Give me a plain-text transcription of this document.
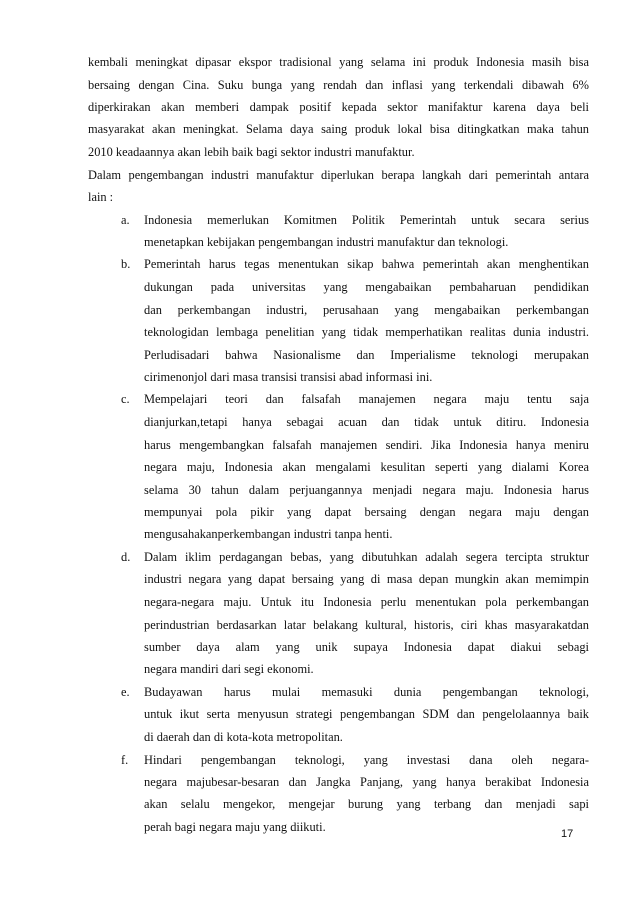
kembali meningkat dipasar ekspor tradisional yang selama ini produk Indonesia masih bisa
bersaing dengan Cina. Suku bunga yang rendah dan inflasi yang terkendali dibawah 6%
diperkirakan akan memberi dampak positif kepada sektor manifaktur karena daya beli
masyarakat akan meningkat. Selama daya saing produk lokal bisa ditingkatkan maka tahun
2010 keadaannya akan lebih baik bagi sektor industri manufaktur.
Dalam pengembangan industri manufaktur diperlukan berapa langkah dari pemerintah antara
lain :
a. Indonesia memerlukan Komitmen Politik Pemerintah untuk secara serius
menetapkan kebijakan pengembangan industri manufaktur dan teknologi.
b. Pemerintah harus tegas menentukan sikap bahwa pemerintah akan menghentikan
dukungan pada universitas yang mengabaikan pembaharuan pendidikan
dan perkembangan industri, perusahaan yang mengabaikan perkembangan
teknologidan lembaga penelitian yang tidak memperhatikan realitas dunia industri.
Perludisadari bahwa Nasionalisme dan Imperialisme teknologi merupakan
cirimenonjol dari masa transisi transisi abad informasi ini.
c. Mempelajari teori dan falsafah manajemen negara maju tentu saja
dianjurkan,tetapi hanya sebagai acuan dan tidak untuk ditiru. Indonesia
harus mengembangkan falsafah manajemen sendiri. Jika Indonesia hanya meniru
negara maju, Indonesia akan mengalami kesulitan seperti yang dialami Korea
selama 30 tahun dalam perjuangannya menjadi negara maju. Indonesia harus
mempunyai pola pikir yang dapat bersaing dengan negara maju dengan
mengusahakanperkembangan industri tanpa henti.
d. Dalam iklim perdagangan bebas, yang dibutuhkan adalah segera tercipta struktur
industri negara yang dapat bersaing yang di masa depan mungkin akan memimpin
negara-negara maju. Untuk itu Indonesia perlu menentukan pola perkembangan
perindustrian berdasarkan latar belakang kultural, historis, ciri khas masyarakatdan
sumber daya alam yang unik supaya Indonesia dapat diakui sebagi
negara mandiri dari segi ekonomi.
e. Budayawan harus mulai memasuki dunia pengembangan teknologi,
untuk ikut serta menyusun strategi pengembangan SDM dan pengelolaannya baik
di daerah dan di kota-kota metropolitan.
f. Hindari pengembangan teknologi, yang investasi dana oleh negara-
negara majubesar-besaran dan Jangka Panjang, yang hanya berakibat Indonesia
akan selalu mengekor, mengejar burung yang terbang dan menjadi sapi
perah bagi negara maju yang diikuti.	17
